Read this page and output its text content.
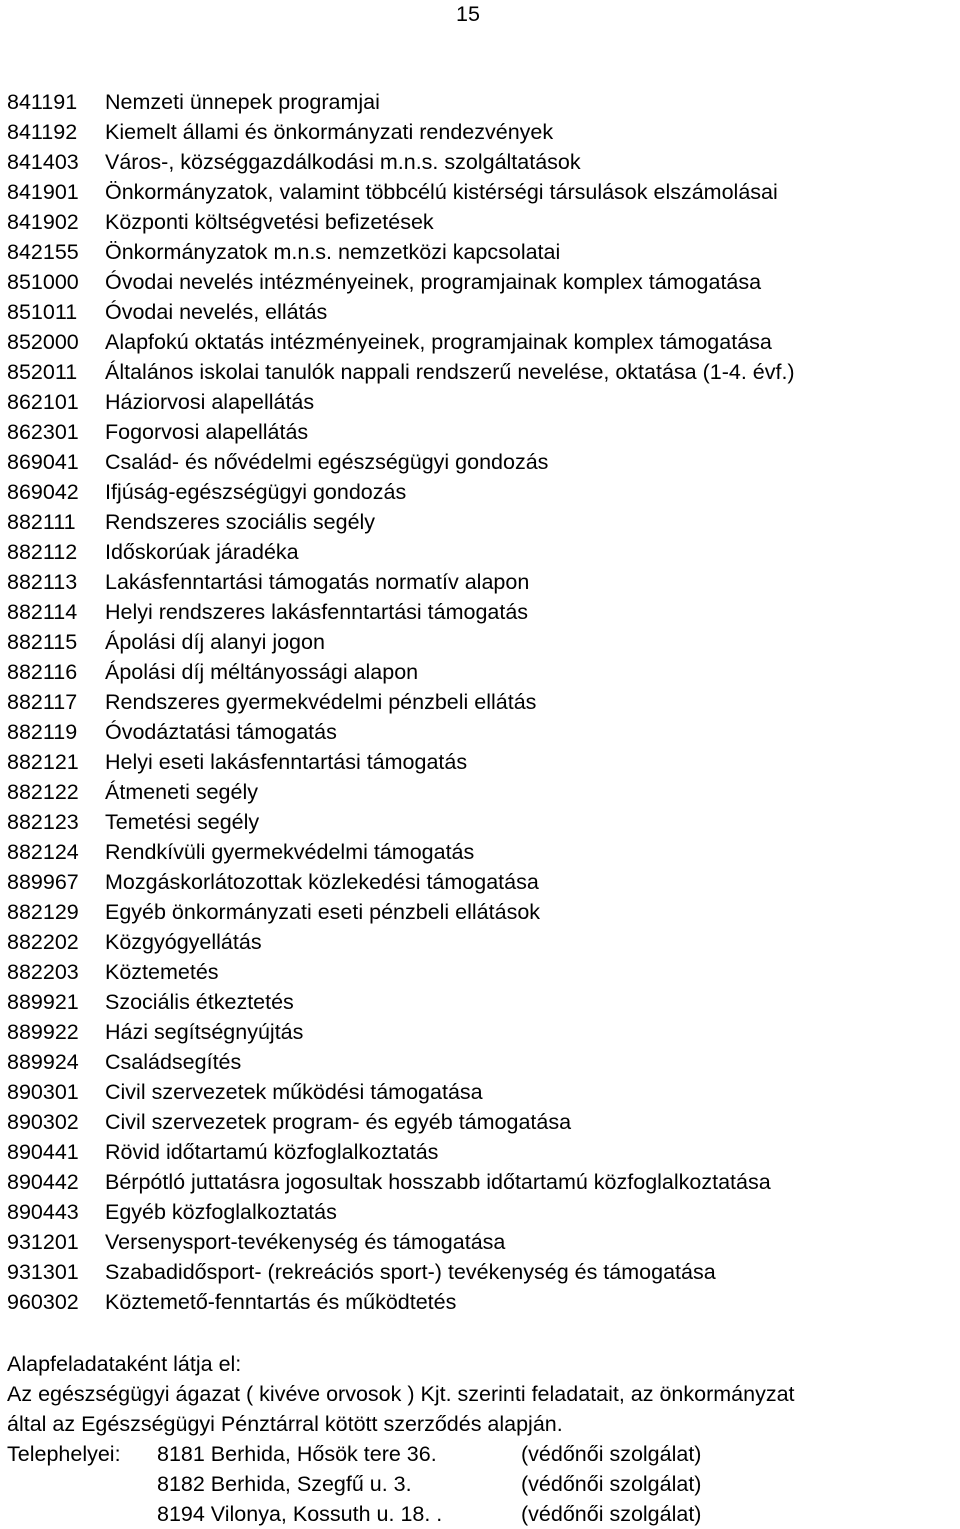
15
841191 Nemzeti ünnepek programjai
841192 Kiemelt állami és önkormányzati rendezvények
841403 Város-, községgazdálkodási m.n.s. szolgáltatások
841901 Önkormányzatok, valamint többcélú kistérségi társulások elszámolásai
841902 Központi költségvetési befizetések
842155 Önkormányzatok m.n.s. nemzetközi kapcsolatai
851000 Óvodai nevelés intézményeinek, programjainak komplex támogatása
851011 Óvodai nevelés, ellátás
852000 Alapfokú oktatás intézményeinek, programjainak komplex támogatása
852011 Általános iskolai tanulók nappali rendszerű nevelése, oktatása (1-4. évf.)
862101 Háziorvosi alapellátás
862301 Fogorvosi alapellátás
869041 Család- és nővédelmi egészségügyi gondozás
869042 Ifjúság-egészségügyi gondozás
882111 Rendszeres szociális segély
882112 Időskorúak járadéka
882113 Lakásfenntartási támogatás normatív alapon
882114 Helyi rendszeres lakásfenntartási támogatás
882115 Ápolási díj alanyi jogon
882116 Ápolási díj méltányossági alapon
882117 Rendszeres gyermekvédelmi pénzbeli ellátás
882119 Óvodáztatási támogatás
882121 Helyi eseti lakásfenntartási támogatás
882122 Átmeneti segély
882123 Temetési segély
882124 Rendkívüli gyermekvédelmi támogatás
889967 Mozgáskorlátozottak közlekedési támogatása
882129 Egyéb önkormányzati eseti pénzbeli ellátások
882202 Közgyógyellátás
882203 Köztemetés
889921 Szociális étkeztetés
889922 Házi segítségnyújtás
889924 Családsegítés
890301 Civil szervezetek működési támogatása
890302 Civil szervezetek program- és egyéb támogatása
890441 Rövid időtartamú közfoglalkoztatás
890442 Bérpótló juttatásra jogosultak hosszabb időtartamú közfoglalkoztatása
890443 Egyéb közfoglalkoztatás
931201 Versenysport-tevékenység és támogatása
931301 Szabadidősport- (rekreációs sport-) tevékenység és támogatása
960302 Köztemető-fenntartás és működtetés
Alapfeladataként látja el:
Az egészségügyi ágazat ( kivéve orvosok ) Kjt. szerinti feladatait, az önkormányzat
által az Egészségügyi Pénztárral kötött szerződés alapján.
Telephelyei: 8181 Berhida, Hősök tere 36.	(védőnői szolgálat)
8182 Berhida, Szegfű u. 3.	(védőnői szolgálat)
8194 Vilonya, Kossuth u. 18. .	(védőnői szolgálat)
